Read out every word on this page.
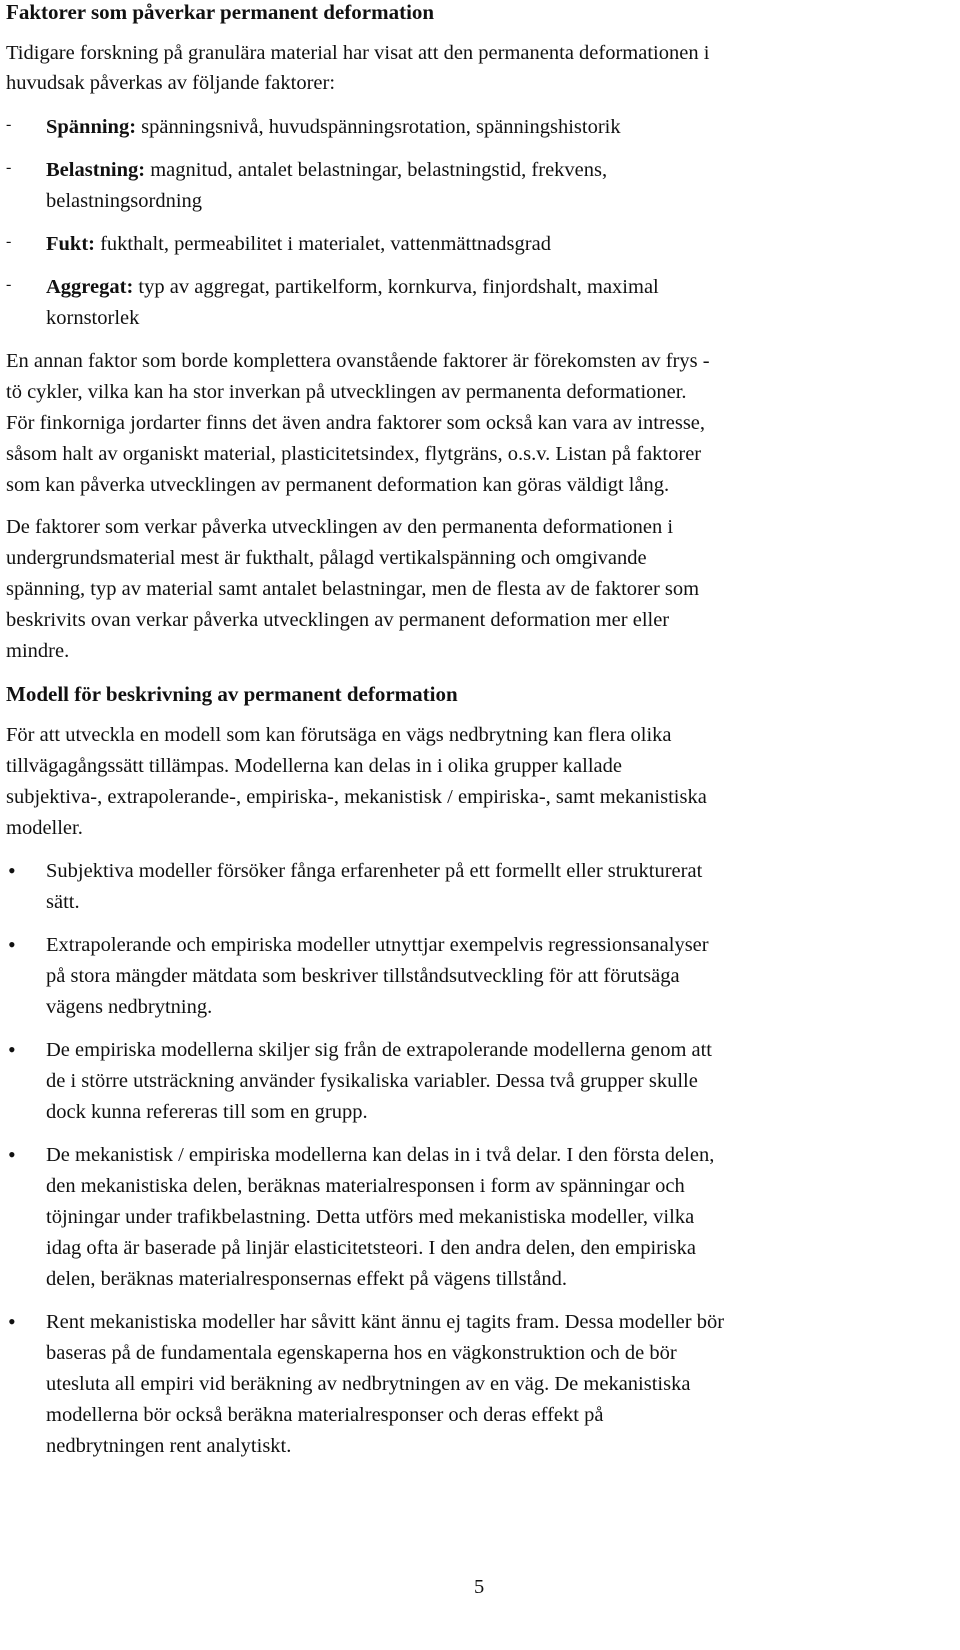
Faktorer som påverkar permanent deformation
Tidigare forskning på granulära material har visat att den permanenta deformationen i
huvudsak påverkas av följande faktorer:
- Spänning: spänningsnivå, huvudspänningsrotation, spänningshistorik
- Belastning: magnitud, antalet belastningar, belastningstid, frekvens,
belastningsordning
- Fukt: fukthalt, permeabilitet i materialet, vattenmättnadsgrad
- Aggregat: typ av aggregat, partikelform, kornkurva, finjordshalt, maximal
kornstorlek
En annan faktor som borde komplettera ovanstående faktorer är förekomsten av frys -
tö cykler, vilka kan ha stor inverkan på utvecklingen av permanenta deformationer.
För finkorniga jordarter finns det även andra faktorer som också kan vara av intresse,
såsom halt av organiskt material, plasticitetsindex, flytgräns, o.s.v. Listan på faktorer
som kan påverka utvecklingen av permanent deformation kan göras väldigt lång.
De faktorer som verkar påverka utvecklingen av den permanenta deformationen i
undergrundsmaterial mest är fukthalt, pålagd vertikalspänning och omgivande
spänning, typ av material samt antalet belastningar, men de flesta av de faktorer som
beskrivits ovan verkar påverka utvecklingen av permanent deformation mer eller
mindre.
Modell för beskrivning av permanent deformation
För att utveckla en modell som kan förutsäga en vägs nedbrytning kan flera olika
tillvägagångssätt tillämpas. Modellerna kan delas in i olika grupper kallade
subjektiva-, extrapolerande-, empiriska-, mekanistisk / empiriska-, samt mekanistiska
modeller.
• Subjektiva modeller försöker fånga erfarenheter på ett formellt eller strukturerat
sätt.
• Extrapolerande och empiriska modeller utnyttjar exempelvis regressionsanalyser
på stora mängder mätdata som beskriver tillståndsutveckling för att förutsäga
vägens nedbrytning.
• De empiriska modellerna skiljer sig från de extrapolerande modellerna genom att
de i större utsträckning använder fysikaliska variabler. Dessa två grupper skulle
dock kunna refereras till som en grupp.
• De mekanistisk / empiriska modellerna kan delas in i två delar. I den första delen,
den mekanistiska delen, beräknas materialresponsen i form av spänningar och
töjningar under trafikbelastning. Detta utförs med mekanistiska modeller, vilka
idag ofta är baserade på linjär elasticitetsteori. I den andra delen, den empiriska
delen, beräknas materialresponsernas effekt på vägens tillstånd.
• Rent mekanistiska modeller har såvitt känt ännu ej tagits fram. Dessa modeller bör
baseras på de fundamentala egenskaperna hos en vägkonstruktion och de bör
utesluta all empiri vid beräkning av nedbrytningen av en väg. De mekanistiska
modellerna bör också beräkna materialresponser och deras effekt på
nedbrytningen rent analytiskt.
5
